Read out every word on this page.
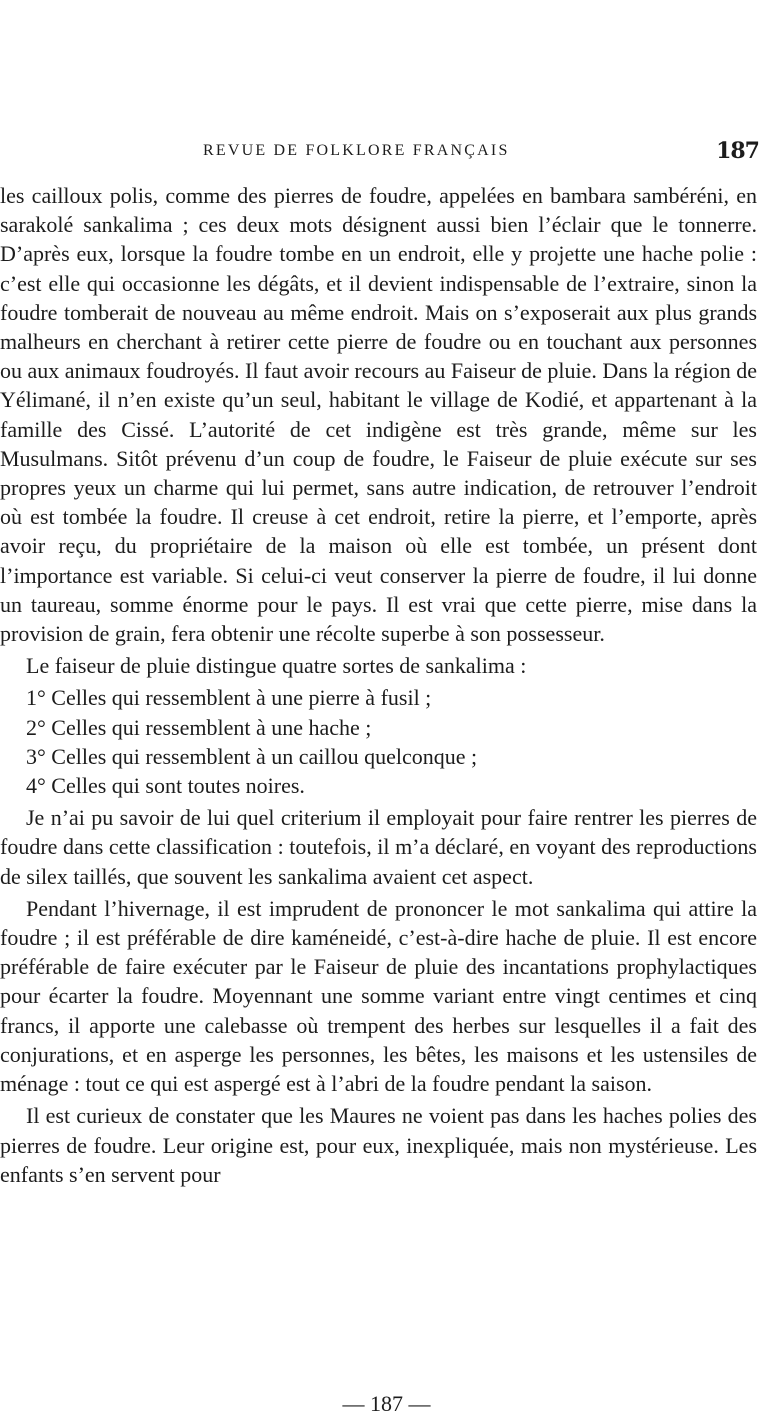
REVUE DE FOLKLORE FRANÇAIS	187

les cailloux polis, comme des pierres de foudre, appelées en bambara sambéréni, en sarakolé sankalima ; ces deux mots désignent aussi bien l’éclair que le tonnerre. D’après eux, lorsque la foudre tombe en un endroit, elle y projette une hache polie : c’est elle qui occasionne les dégâts, et il devient indispensable de l’extraire, sinon la foudre tomberait de nouveau au même endroit. Mais on s’exposerait aux plus grands malheurs en cherchant à retirer cette pierre de foudre ou en touchant aux personnes ou aux animaux foudroyés. Il faut avoir recours au Faiseur de pluie. Dans la région de Yélimané, il n’en existe qu’un seul, habitant le village de Kodié, et appartenant à la famille des Cissé. L’autorité de cet indigène est très grande, même sur les Musulmans. Sitôt prévenu d’un coup de foudre, le Faiseur de pluie exécute sur ses propres yeux un charme qui lui permet, sans autre indication, de retrouver l’endroit où est tombée la foudre. Il creuse à cet endroit, retire la pierre, et l’emporte, après avoir reçu, du propriétaire de la maison où elle est tombée, un présent dont l’importance est variable. Si celui-ci veut conserver la pierre de foudre, il lui donne un taureau, somme énorme pour le pays. Il est vrai que cette pierre, mise dans la provision de grain, fera obtenir une récolte superbe à son possesseur.

Le faiseur de pluie distingue quatre sortes de sankalima :

1° Celles qui ressemblent à une pierre à fusil ;

2° Celles qui ressemblent à une hache ;

3° Celles qui ressemblent à un caillou quelconque ;

4° Celles qui sont toutes noires.

Je n’ai pu savoir de lui quel criterium il employait pour faire rentrer les pierres de foudre dans cette classification : toutefois, il m’a déclaré, en voyant des reproductions de silex taillés, que souvent les sankalima avaient cet aspect.

Pendant l’hivernage, il est imprudent de prononcer le mot sankalima qui attire la foudre ; il est préférable de dire kaméneidé, c’est-à-dire hache de pluie. Il est encore préférable de faire exécuter par le Faiseur de pluie des incantations prophylactiques pour écarter la foudre. Moyennant une somme variant entre vingt centimes et cinq francs, il apporte une calebasse où trempent des herbes sur lesquelles il a fait des conjurations, et en asperge les personnes, les bêtes, les maisons et les ustensiles de ménage : tout ce qui est aspergé est à l’abri de la foudre pendant la saison.

Il est curieux de constater que les Maures ne voient pas dans les haches polies des pierres de foudre. Leur origine est, pour eux, inexpliquée, mais non mystérieuse. Les enfants s’en servent pour

— 187 —
